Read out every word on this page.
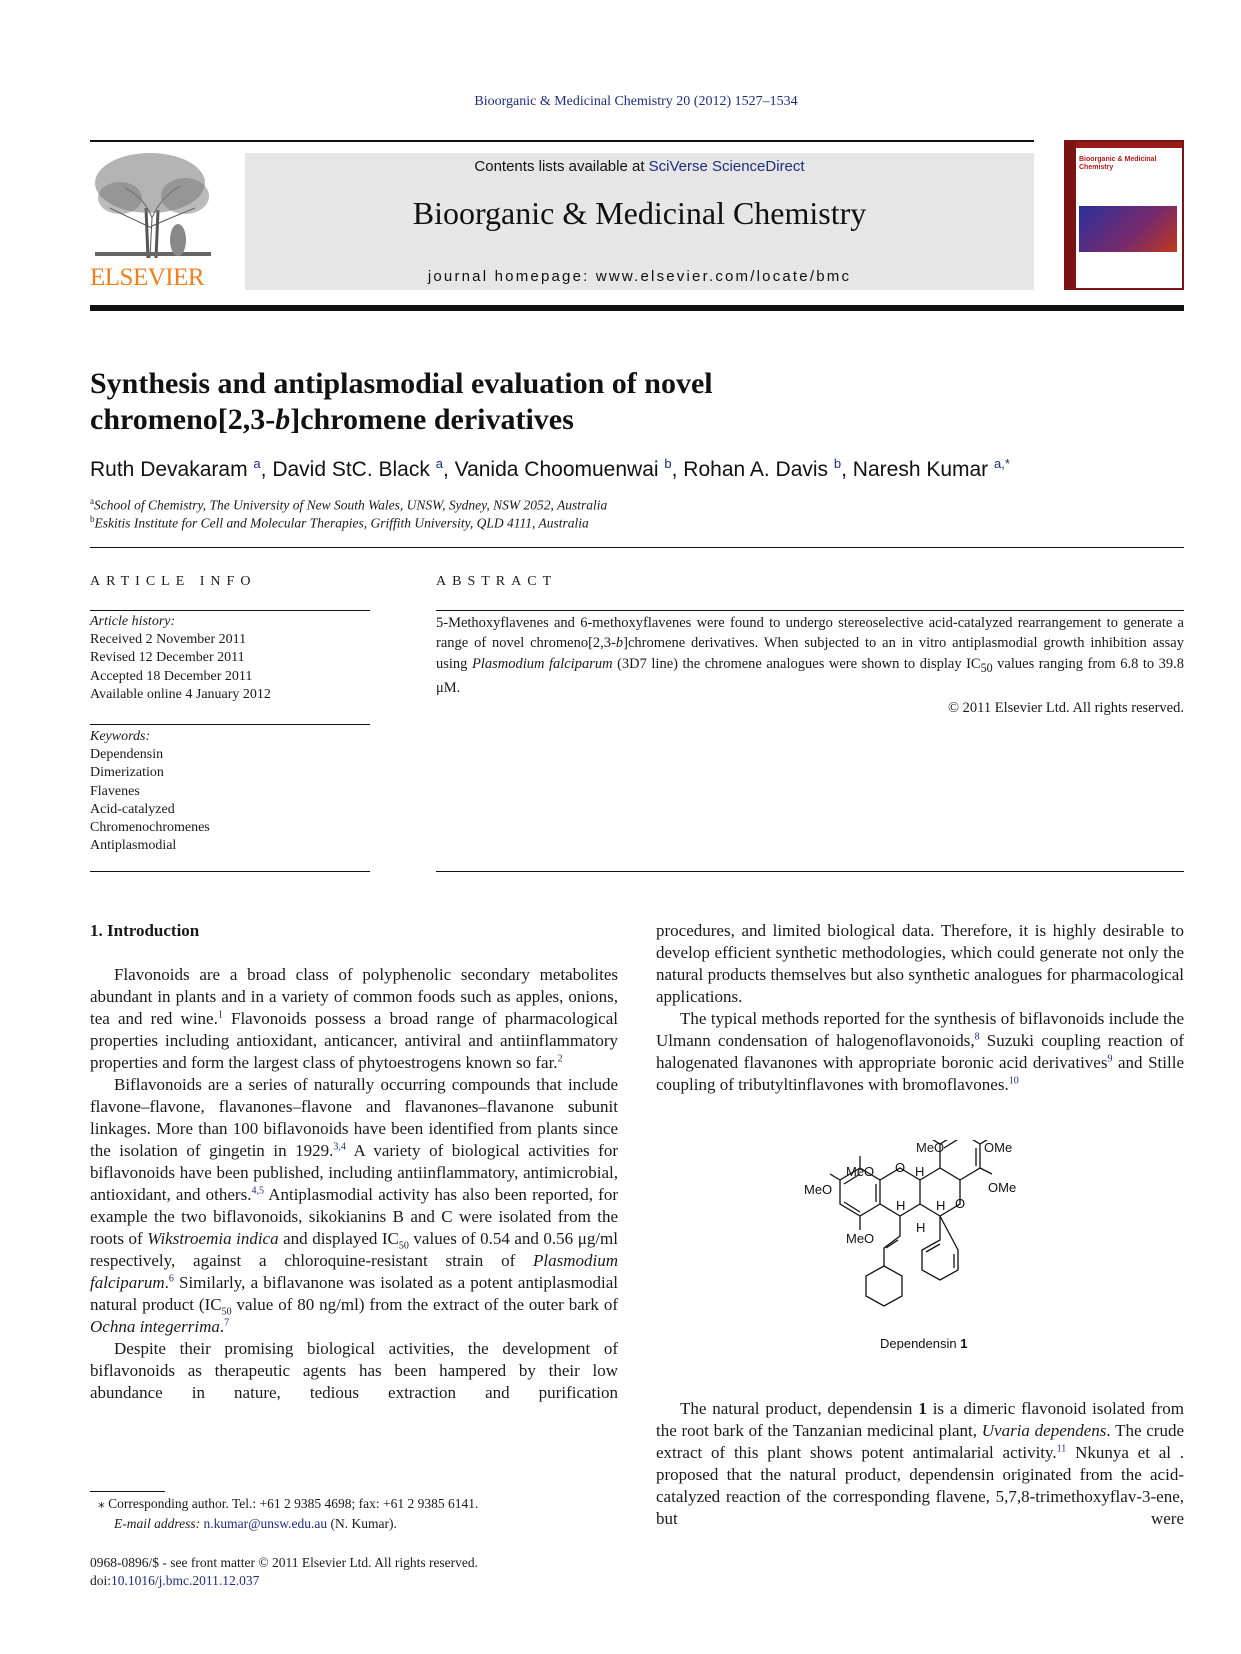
Bioorganic & Medicinal Chemistry 20 (2012) 1527–1534
ELSEVIER
Contents lists available at SciVerse ScienceDirect
Bioorganic & Medicinal Chemistry
journal homepage: www.elsevier.com/locate/bmc
Bioorganic & Medicinal Chemistry
Synthesis and antiplasmodial evaluation of novel
chromeno[2,3-b]chromene derivatives
Ruth Devakaram $^a$, David StC. Black $^a$, Vanida Choomuenwai $^b$, Rohan A. Davis $^b$, Naresh Kumar $^{a,*}$
$^a$School of Chemistry, The University of New South Wales, UNSW, Sydney, NSW 2052, Australia
$^b$Eskitis Institute for Cell and Molecular Therapies, Griffith University, QLD 4111, Australia
ARTICLE INFO	ABSTRACT
Article history:
Received 2 November 2011
Revised 12 December 2011
Accepted 18 December 2011
Available online 4 January 2012
Keywords:
Dependensin
Dimerization
Flavenes
Acid-catalyzed
Chromenochromenes
Antiplasmodial
5-Methoxyflavenes and 6-methoxyflavenes were found to undergo stereoselective acid-catalyzed rearrangement to generate a range of novel chromeno[2,3-b]chromene derivatives. When subjected to an in vitro antiplasmodial growth inhibition assay using Plasmodium falciparum (3D7 line) the chromene analogues were shown to display $IC_{50}$ values ranging from 6.8 to 39.8 μM.
© 2011 Elsevier Ltd. All rights reserved.
1. Introduction

Flavonoids are a broad class of polyphenolic secondary metabolites abundant in plants and in a variety of common foods such as apples, onions, tea and red wine.$^1$ Flavonoids possess a broad range of pharmacological properties including antioxidant, anticancer, antiviral and antiinflammatory properties and form the largest class of phytoestrogens known so far.$^2$

Biflavonoids are a series of naturally occurring compounds that include flavone–flavone, flavanones–flavone and flavanones–flavanone subunit linkages. More than 100 biflavonoids have been identified from plants since the isolation of gingetin in 1929.$^{3,4}$ A variety of biological activities for biflavonoids have been published, including antiinflammatory, antimicrobial, antioxidant, and others.$^{4,5}$ Antiplasmodial activity has also been reported, for example the two biflavonoids, sikokianins B and C were isolated from the roots of Wikstroemia indica and displayed $IC_{50}$ values of 0.54 and 0.56 μg/ml respectively, against a chloroquine-resistant strain of Plasmodium falciparum.$^6$ Similarly, a biflavanone was isolated as a potent antiplasmodial natural product ($IC_{50}$ value of 80 ng/ml) from the extract of the outer bark of Ochna integerrima.$^7$

Despite their promising biological activities, the development of biflavonoids as therapeutic agents has been hampered by their low abundance in nature, tedious extraction and purification

procedures, and limited biological data. Therefore, it is highly desirable to develop efficient synthetic methodologies, which could generate not only the natural products themselves but also synthetic analogues for pharmacological applications.

The typical methods reported for the synthesis of biflavonoids include the Ulmann condensation of halogenoflavonoids,$^8$ Suzuki coupling reaction of halogenated flavanones with appropriate boronic acid derivatives$^9$ and Stille coupling of tributyltinflavones with bromoflavones.$^{10}$

MeO
MeO
MeO
OMe
OMe
O
O
H
H H
H
Dependensin 1
MeO

The natural product, dependensin 1 is a dimeric flavonoid isolated from the root bark of the Tanzanian medicinal plant, Uvaria dependens. The crude extract of this plant shows potent antimalarial activity.$^{11}$ Nkunya et al . proposed that the natural product, dependensin originated from the acid-catalyzed reaction of the corresponding flavene, 5,7,8-trimethoxyflav-3-ene, but were

⁎ Corresponding author. Tel.: +61 2 9385 4698; fax: +61 2 9385 6141.
E-mail address: n.kumar@unsw.edu.au (N. Kumar).
0968-0896/$ - see front matter © 2011 Elsevier Ltd. All rights reserved.
doi:10.1016/j.bmc.2011.12.037
